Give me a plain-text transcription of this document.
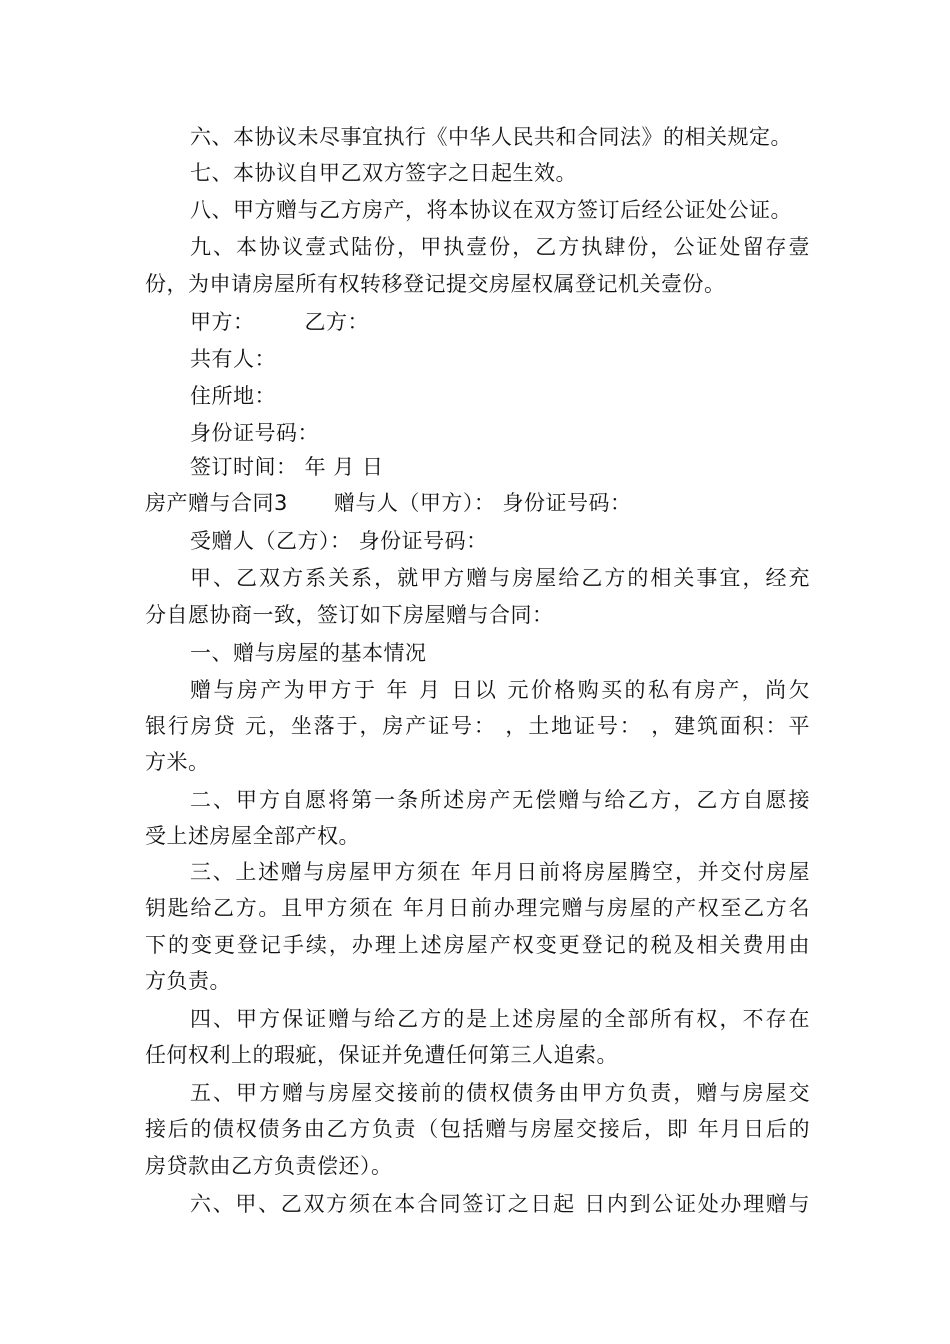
六、本协议未尽事宜执行《中华人民共和合同法》的相关规定。
七、本协议自甲乙双方签字之日起生效。
八、甲方赠与乙方房产，将本协议在双方签订后经公证处公证。
九、本协议壹式陆份，甲执壹份，乙方执肆份，公证处留存壹
份，为申请房屋所有权转移登记提交房屋权属登记机关壹份。
甲方： 乙方：
共有人：
住所地：
身份证号码：
签订时间： 年 月 日
房产赠与合同3 赠与人（甲方）： 身份证号码：
受赠人（乙方）： 身份证号码：
甲、乙双方系关系，就甲方赠与房屋给乙方的相关事宜，经充
分自愿协商一致，签订如下房屋赠与合同：
一、赠与房屋的基本情况
赠与房产为甲方于 年 月 日以 元价格购买的私有房产，尚欠
银行房贷 元，坐落于，房产证号： ，土地证号： ，建筑面积：平
方米。
二、甲方自愿将第一条所述房产无偿赠与给乙方，乙方自愿接
受上述房屋全部产权。
三、上述赠与房屋甲方须在 年月日前将房屋腾空，并交付房屋
钥匙给乙方。且甲方须在 年月日前办理完赠与房屋的产权至乙方名
下的变更登记手续，办理上述房屋产权变更登记的税及相关费用由
方负责。
四、甲方保证赠与给乙方的是上述房屋的全部所有权，不存在
任何权利上的瑕疵，保证并免遭任何第三人追索。
五、甲方赠与房屋交接前的债权债务由甲方负责，赠与房屋交
接后的债权债务由乙方负责（包括赠与房屋交接后，即 年月日后的
房贷款由乙方负责偿还）。
六、甲、乙双方须在本合同签订之日起 日内到公证处办理赠与
